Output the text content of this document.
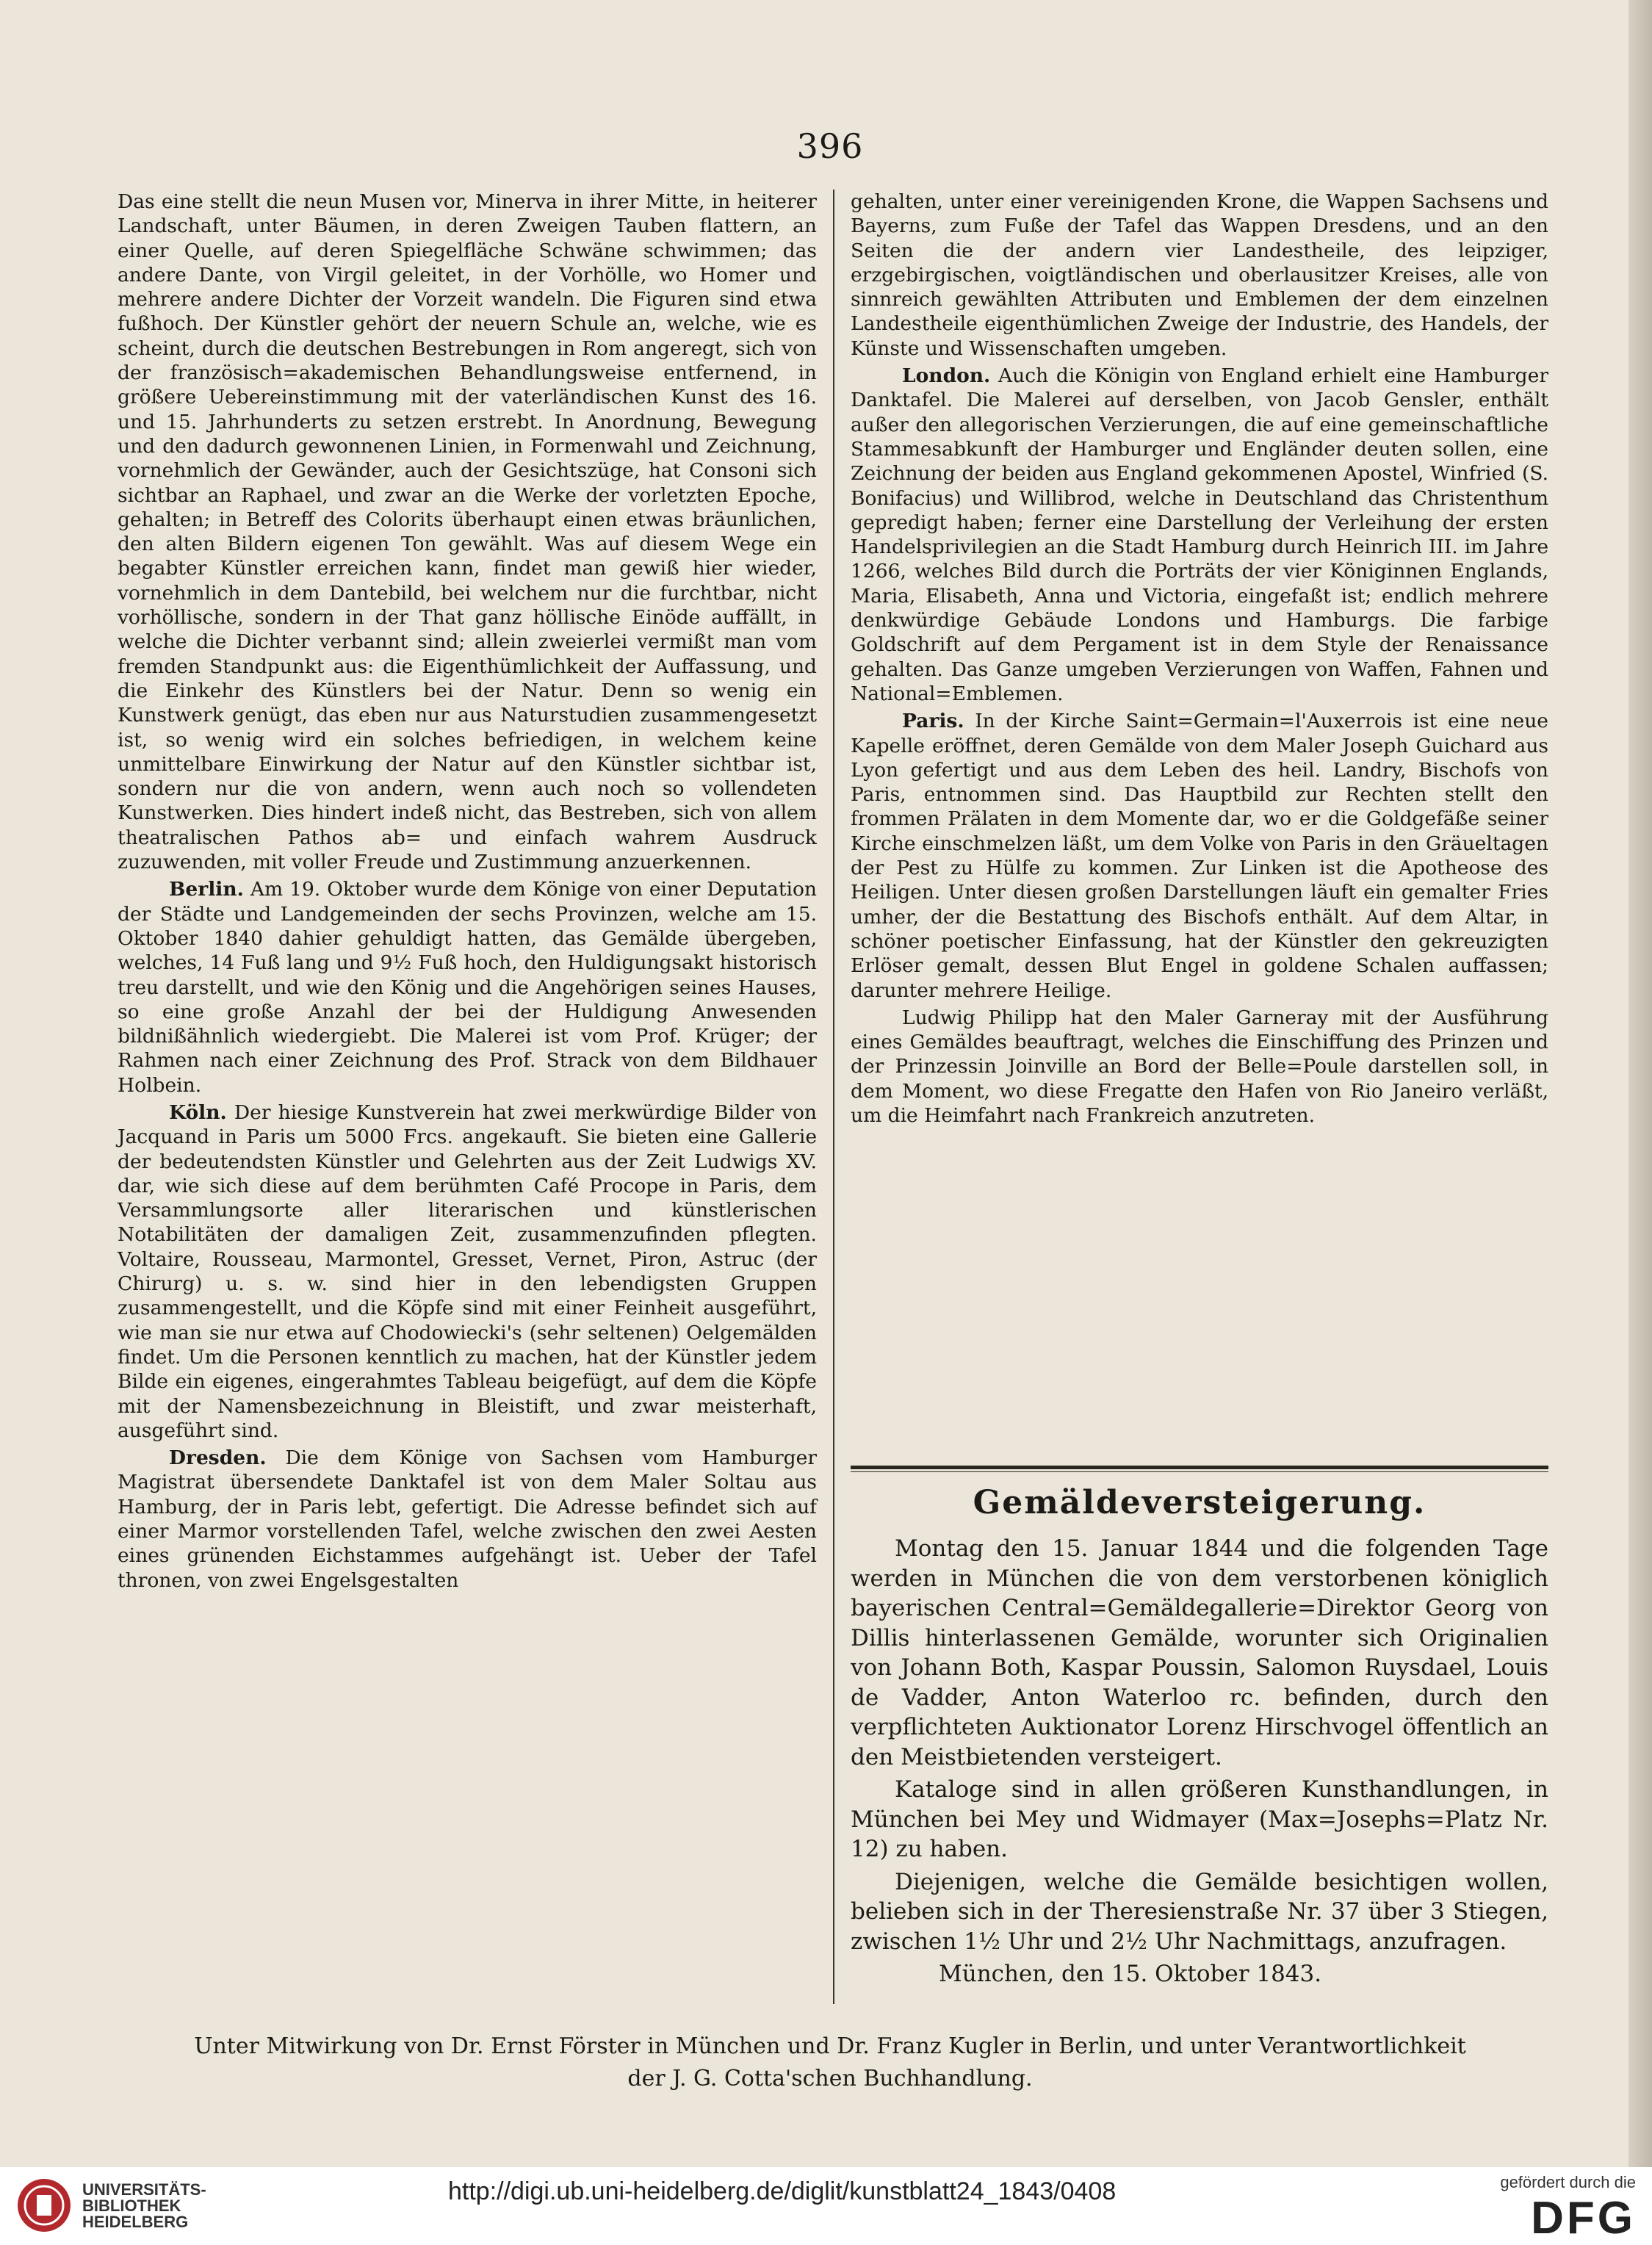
396

Das eine stellt die neun Musen vor, Minerva in ihrer Mitte, in heiterer Landschaft, unter Bäumen, in deren Zweigen Tauben flattern, an einer Quelle, auf deren Spiegelfläche Schwäne schwimmen; das andere Dante, von Virgil geleitet, in der Vorhölle, wo Homer und mehrere andere Dichter der Vorzeit wandeln. Die Figuren sind etwa fußhoch. Der Künstler gehört der neuern Schule an, welche, wie es scheint, durch die deutschen Bestrebungen in Rom angeregt, sich von der französisch=akademischen Behandlungsweise entfernend, in größere Uebereinstimmung mit der vaterländischen Kunst des 16. und 15. Jahrhunderts zu setzen erstrebt. In Anordnung, Bewegung und den dadurch gewonnenen Linien, in Formenwahl und Zeichnung, vornehmlich der Gewänder, auch der Gesichtszüge, hat Consoni sich sichtbar an Raphael, und zwar an die Werke der vorletzten Epoche, gehalten; in Betreff des Colorits überhaupt einen etwas bräunlichen, den alten Bildern eigenen Ton gewählt. Was auf diesem Wege ein begabter Künstler erreichen kann, findet man gewiß hier wieder, vornehmlich in dem Dantebild, bei welchem nur die furchtbar, nicht vorhöllische, sondern in der That ganz höllische Einöde auffällt, in welche die Dichter verbannt sind; allein zweierlei vermißt man vom fremden Standpunkt aus: die Eigenthümlichkeit der Auffassung, und die Einkehr des Künstlers bei der Natur. Denn so wenig ein Kunstwerk genügt, das eben nur aus Naturstudien zusammengesetzt ist, so wenig wird ein solches befriedigen, in welchem keine unmittelbare Einwirkung der Natur auf den Künstler sichtbar ist, sondern nur die von andern, wenn auch noch so vollendeten Kunstwerken. Dies hindert indeß nicht, das Bestreben, sich von allem theatralischen Pathos ab= und einfach wahrem Ausdruck zuzuwenden, mit voller Freude und Zustimmung anzuerkennen.

Berlin. Am 19. Oktober wurde dem Könige von einer Deputation der Städte und Landgemeinden der sechs Provinzen, welche am 15. Oktober 1840 dahier gehuldigt hatten, das Gemälde übergeben, welches, 14 Fuß lang und 9½ Fuß hoch, den Huldigungsakt historisch treu darstellt, und wie den König und die Angehörigen seines Hauses, so eine große Anzahl der bei der Huldigung Anwesenden bildnißähnlich wiedergiebt. Die Malerei ist vom Prof. Krüger; der Rahmen nach einer Zeichnung des Prof. Strack von dem Bildhauer Holbein.

Köln. Der hiesige Kunstverein hat zwei merkwürdige Bilder von Jacquand in Paris um 5000 Frcs. angekauft. Sie bieten eine Gallerie der bedeutendsten Künstler und Gelehrten aus der Zeit Ludwigs XV. dar, wie sich diese auf dem berühmten Café Procope in Paris, dem Versammlungsorte aller literarischen und künstlerischen Notabilitäten der damaligen Zeit, zusammenzufinden pflegten. Voltaire, Rousseau, Marmontel, Gresset, Vernet, Piron, Astruc (der Chirurg) u. s. w. sind hier in den lebendigsten Gruppen zusammengestellt, und die Köpfe sind mit einer Feinheit ausgeführt, wie man sie nur etwa auf Chodowiecki's (sehr seltenen) Oelgemälden findet. Um die Personen kenntlich zu machen, hat der Künstler jedem Bilde ein eigenes, eingerahmtes Tableau beigefügt, auf dem die Köpfe mit der Namensbezeichnung in Bleistift, und zwar meisterhaft, ausgeführt sind.

Dresden. Die dem Könige von Sachsen vom Hamburger Magistrat übersendete Danktafel ist von dem Maler Soltau aus Hamburg, der in Paris lebt, gefertigt. Die Adresse befindet sich auf einer Marmor vorstellenden Tafel, welche zwischen den zwei Aesten eines grünenden Eichstammes aufgehängt ist. Ueber der Tafel thronen, von zwei Engelsgestalten

gehalten, unter einer vereinigenden Krone, die Wappen Sachsens und Bayerns, zum Fuße der Tafel das Wappen Dresdens, und an den Seiten die der andern vier Landestheile, des leipziger, erzgebirgischen, voigtländischen und oberlausitzer Kreises, alle von sinnreich gewählten Attributen und Emblemen der dem einzelnen Landestheile eigenthümlichen Zweige der Industrie, des Handels, der Künste und Wissenschaften umgeben.

London. Auch die Königin von England erhielt eine Hamburger Danktafel. Die Malerei auf derselben, von Jacob Gensler, enthält außer den allegorischen Verzierungen, die auf eine gemeinschaftliche Stammesabkunft der Hamburger und Engländer deuten sollen, eine Zeichnung der beiden aus England gekommenen Apostel, Winfried (S. Bonifacius) und Willibrod, welche in Deutschland das Christenthum gepredigt haben; ferner eine Darstellung der Verleihung der ersten Handelsprivilegien an die Stadt Hamburg durch Heinrich III. im Jahre 1266, welches Bild durch die Porträts der vier Königinnen Englands, Maria, Elisabeth, Anna und Victoria, eingefaßt ist; endlich mehrere denkwürdige Gebäude Londons und Hamburgs. Die farbige Goldschrift auf dem Pergament ist in dem Style der Renaissance gehalten. Das Ganze umgeben Verzierungen von Waffen, Fahnen und National=Emblemen.

Paris. In der Kirche Saint=Germain=l'Auxerrois ist eine neue Kapelle eröffnet, deren Gemälde von dem Maler Joseph Guichard aus Lyon gefertigt und aus dem Leben des heil. Landry, Bischofs von Paris, entnommen sind. Das Hauptbild zur Rechten stellt den frommen Prälaten in dem Momente dar, wo er die Goldgefäße seiner Kirche einschmelzen läßt, um dem Volke von Paris in den Gräueltagen der Pest zu Hülfe zu kommen. Zur Linken ist die Apotheose des Heiligen. Unter diesen großen Darstellungen läuft ein gemalter Fries umher, der die Bestattung des Bischofs enthält. Auf dem Altar, in schöner poetischer Einfassung, hat der Künstler den gekreuzigten Erlöser gemalt, dessen Blut Engel in goldene Schalen auffassen; darunter mehrere Heilige.

Ludwig Philipp hat den Maler Garneray mit der Ausführung eines Gemäldes beauftragt, welches die Einschiffung des Prinzen und der Prinzessin Joinville an Bord der Belle=Poule darstellen soll, in dem Moment, wo diese Fregatte den Hafen von Rio Janeiro verläßt, um die Heimfahrt nach Frankreich anzutreten.

Gemäldeversteigerung.

Montag den 15. Januar 1844 und die folgenden Tage werden in München die von dem verstorbenen königlich bayerischen Central=Gemäldegallerie=Direktor Georg von Dillis hinterlassenen Gemälde, worunter sich Originalien von Johann Both, Kaspar Poussin, Salomon Ruysdael, Louis de Vadder, Anton Waterloo rc. befinden, durch den verpflichteten Auktionator Lorenz Hirschvogel öffentlich an den Meistbietenden versteigert.

Kataloge sind in allen größeren Kunsthandlungen, in München bei Mey und Widmayer (Max=Josephs=Platz Nr. 12) zu haben.

Diejenigen, welche die Gemälde besichtigen wollen, belieben sich in der Theresienstraße Nr. 37 über 3 Stiegen, zwischen 1½ Uhr und 2½ Uhr Nachmittags, anzufragen.

München, den 15. Oktober 1843.

Unter Mitwirkung von Dr. Ernst Förster in München und Dr. Franz Kugler in Berlin, und unter Verantwortlichkeit
der J. G. Cotta'schen Buchhandlung.
UNIVERSITÄTS-
BIBLIOTHEK
HEIDELBERG
http://digi.ub.uni-heidelberg.de/diglit/kunstblatt24_1843/0408	gefördert durch die
DFG
